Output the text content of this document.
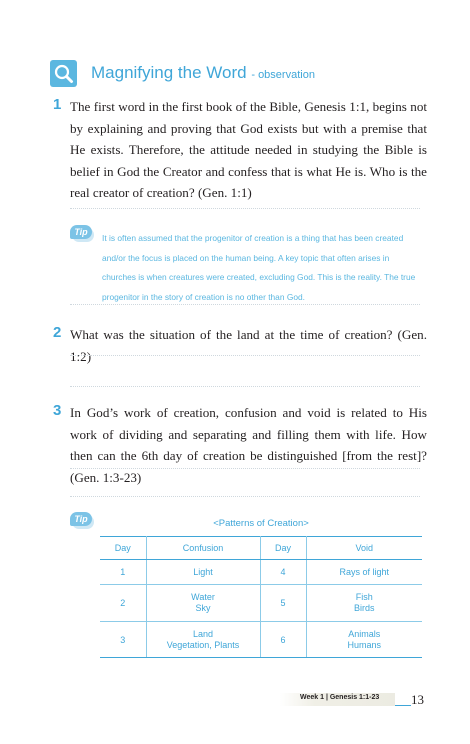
Magnifying the Word - observation
1 The first word in the first book of the Bible, Genesis 1:1, begins not by explaining and proving that God exists but with a premise that He exists. Therefore, the attitude needed in studying the Bible is belief in God the Creator and confess that is what He is. Who is the real creator of creation? (Gen. 1:1)
Tip
It is often assumed that the progenitor of creation is a thing that has been created and/or the focus is placed on the human being. A key topic that often arises in churches is when creatures were created, excluding God. This is the reality. The true progenitor in the story of creation is no other than God.
2 What was the situation of the land at the time of creation? (Gen. 1:2)
3 In God’s work of creation, confusion and void is related to His work of dividing and separating and filling them with life. How then can the 6th day of creation be distinguished [from the rest]? (Gen. 1:3-23)
Tip	<Patterns of Creation>
Day	Confusion	Day	Void
1	Light	4	Rays of light

2	Water
Sky	5	Fish
Birds

3	Land
Vegetation, Plants	6	Animals
Humans
Week 1 | Genesis 1:1-23 13
